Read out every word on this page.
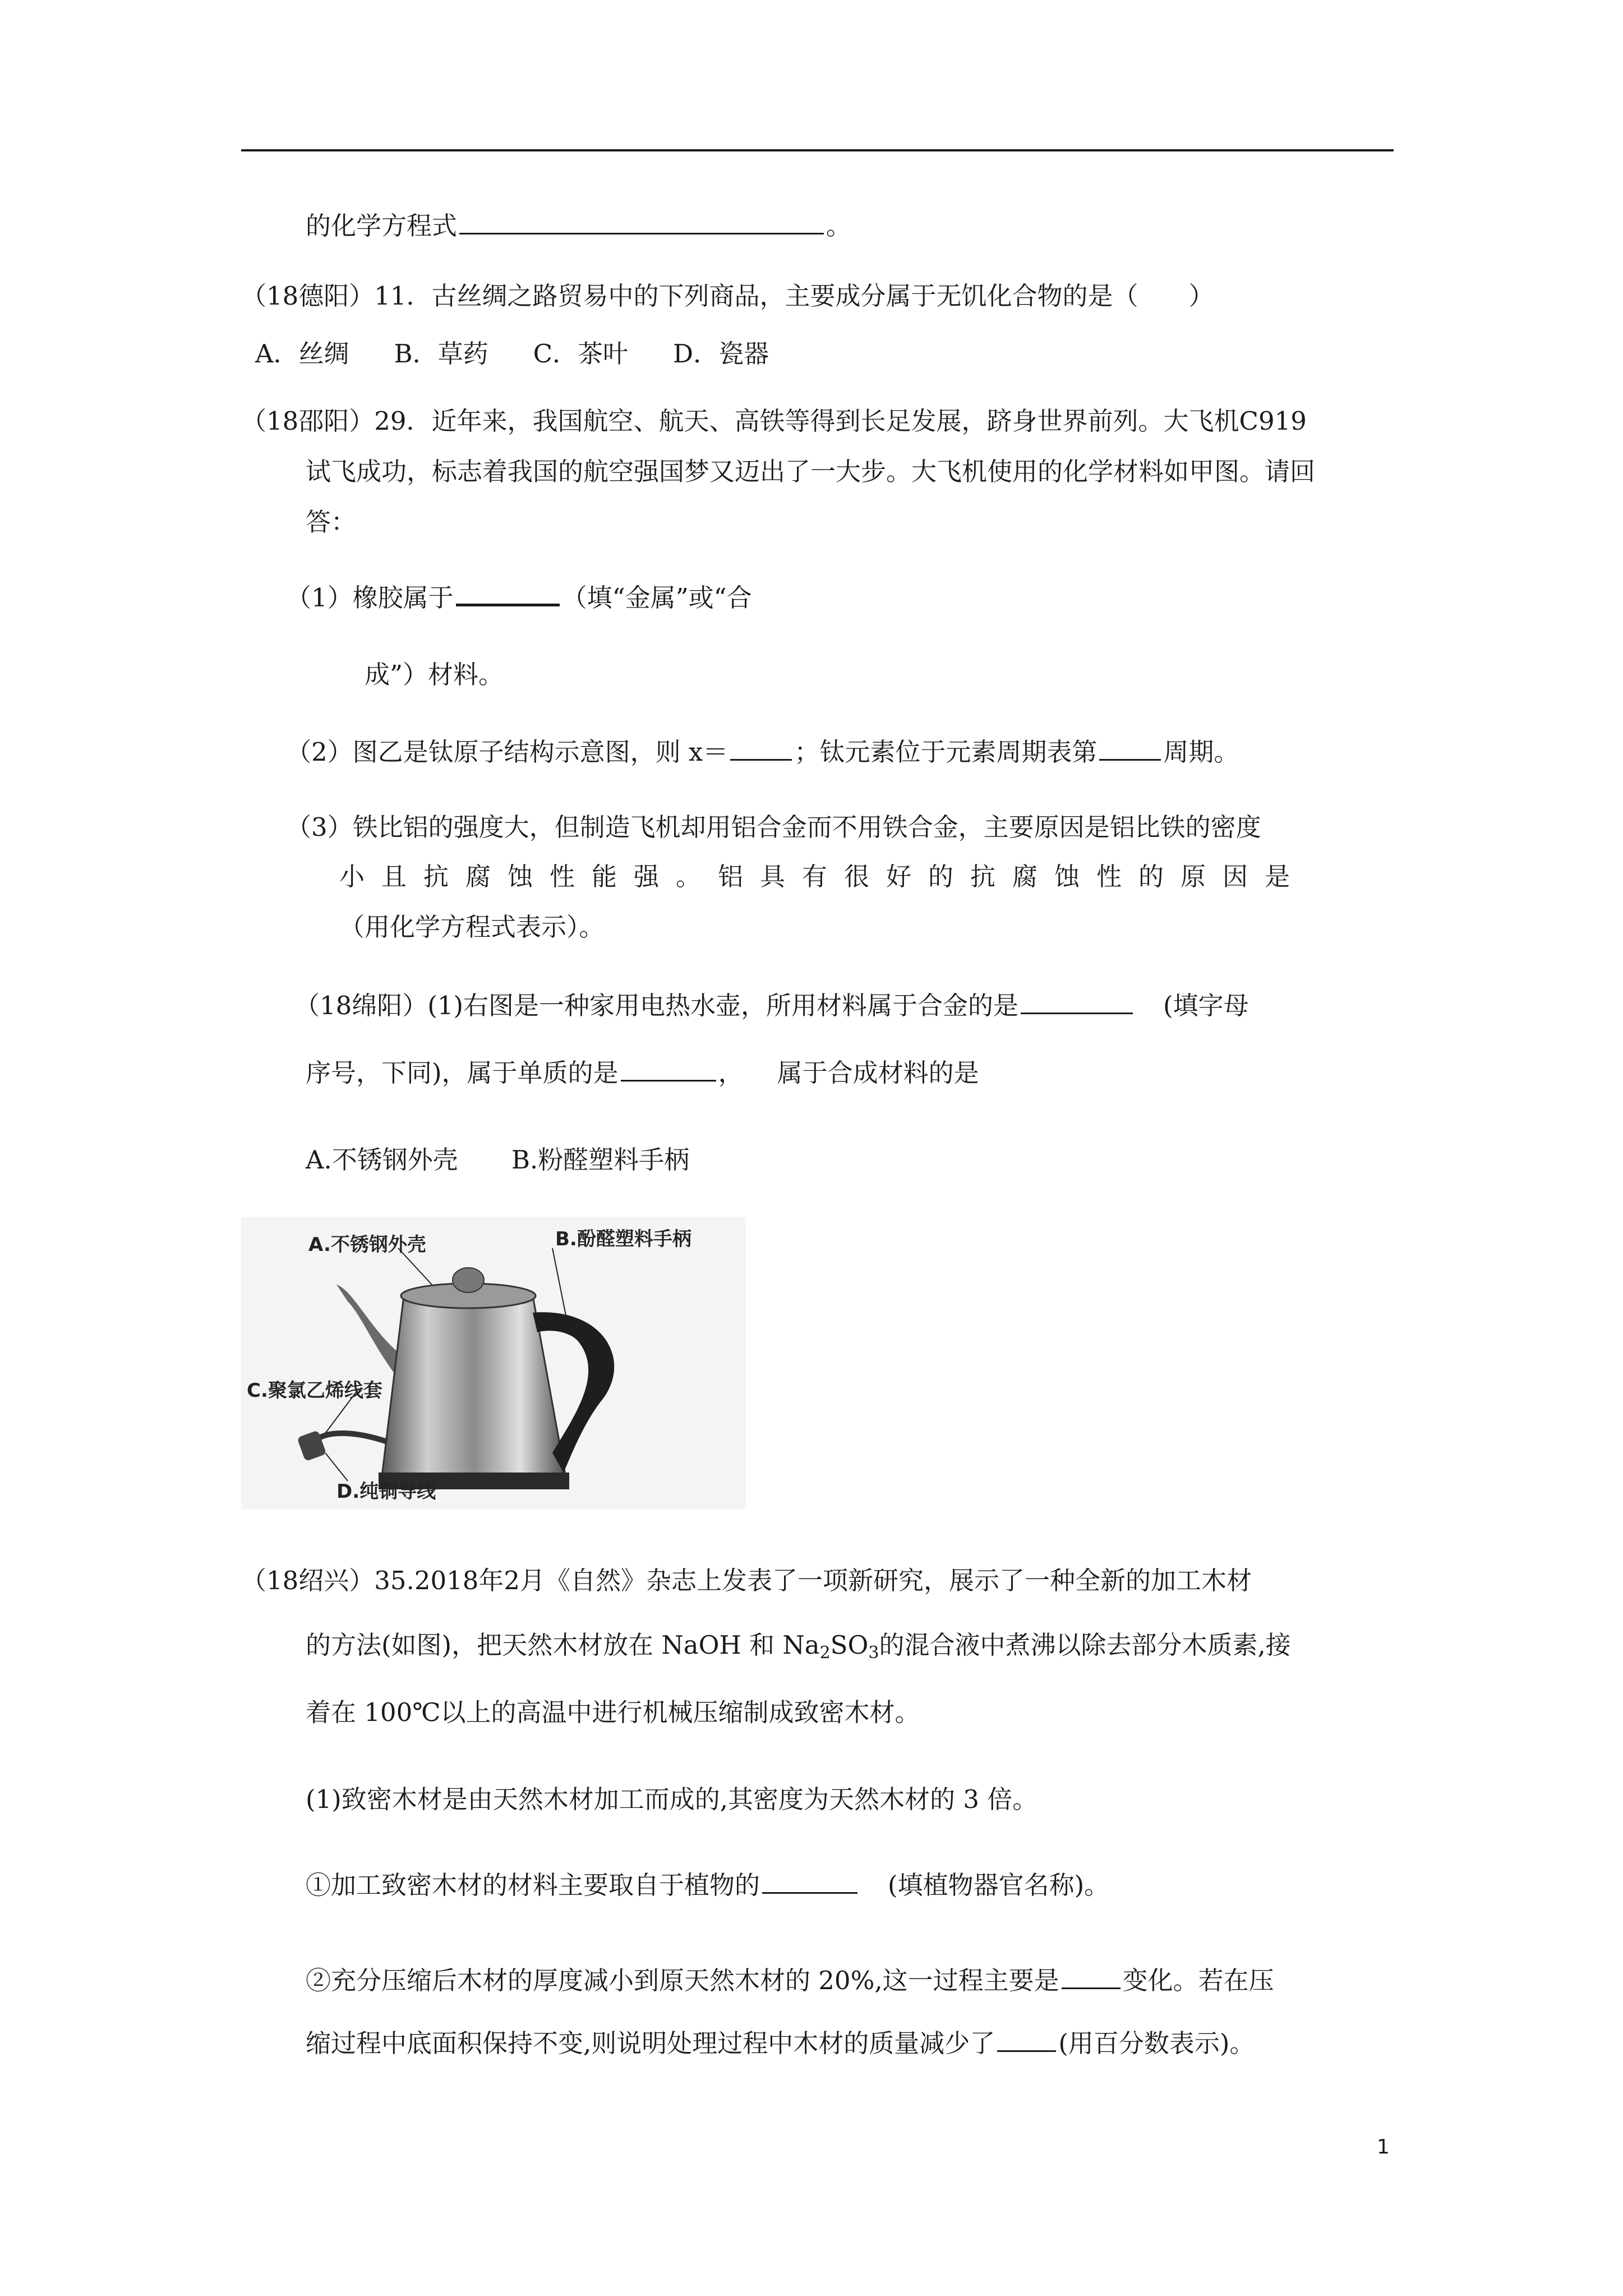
的化学方程式	。
（18德阳）11．古丝绸之路贸易中的下列商品，主要成分属于无饥化合物的是（　　）
A．丝绸 B．草药 C．茶叶 D．瓷器
（18邵阳）29．近年来，我国航空、航天、高铁等得到长足发展，跻身世界前列。大飞机C919
试飞成功，标志着我国的航空强国梦又迈出了一大步。大飞机使用的化学材料如甲图。请回
答：
（1）橡胶属于	（填“金属”或“合
成”）材料。
（2）图乙是钛原子结构示意图，则 x＝	；钛元素位于元素周期表第	周期。
（3）铁比铝的强度大，但制造飞机却用铝合金而不用铁合金，主要原因是铝比铁的密度
小且抗腐蚀性能强。铝具有很好的抗腐蚀性的原因是
（用化学方程式表示）。
（18绵阳）(1)右图是一种家用电热水壶，所用材料属于合金的是	(填字母
序号，下同)，属于单质的是	， 属于合成材料的是
A.不锈钢外壳 B.粉醛塑料手柄
A.不锈钢外壳	B.酚醛塑料手柄
C.聚氯乙烯线套
D.纯铜导线
（18绍兴）35.2018年2月《自然》杂志上发表了一项新研究，展示了一种全新的加工木材
的方法(如图)，把天然木材放在 NaOH 和 $Na_2SO_3$的混合液中煮沸以除去部分木质素,接
着在 100℃以上的高温中进行机械压缩制成致密木材。
(1)致密木材是由天然木材加工而成的,其密度为天然木材的 3 倍。
①加工致密木材的材料主要取自于植物的	(填植物器官名称)。
②充分压缩后木材的厚度减小到原天然木材的 20%,这一过程主要是	变化。若在压
缩过程中底面积保持不变,则说明处理过程中木材的质量减少了	(用百分数表示)。
1
